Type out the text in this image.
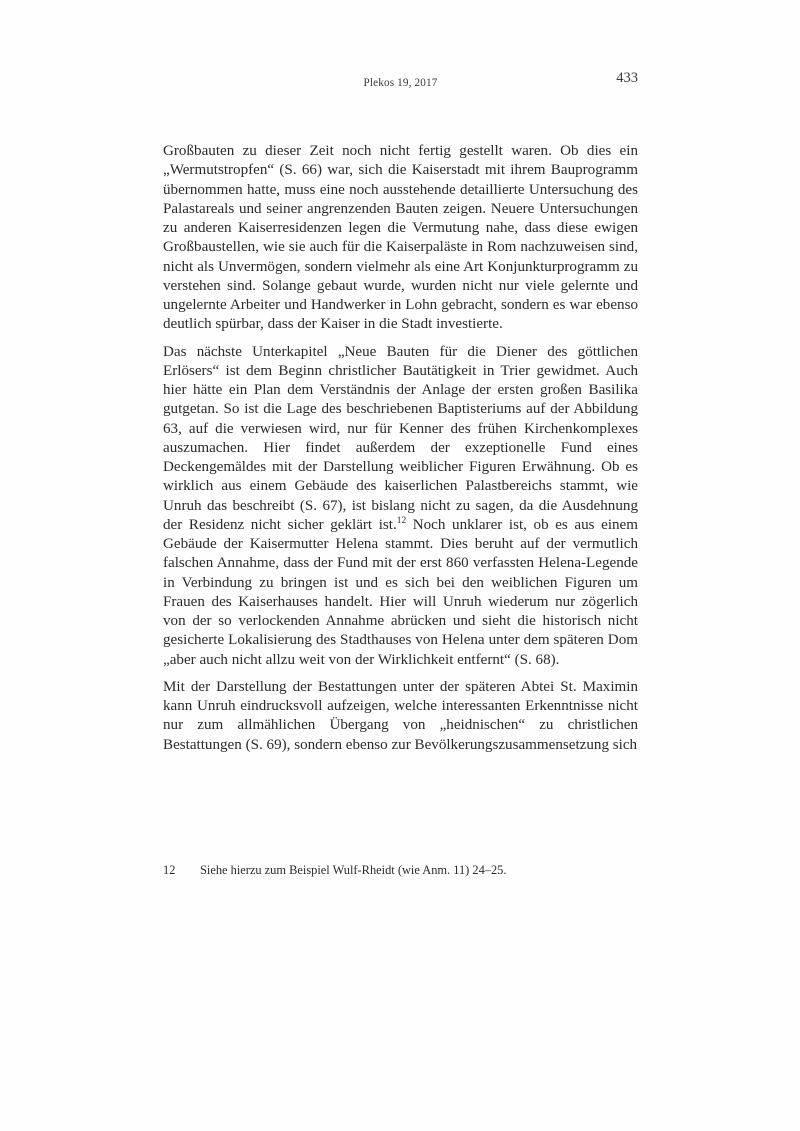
Plekos 19, 2017	433

Großbauten zu dieser Zeit noch nicht fertig gestellt waren. Ob dies ein „Wermutstropfen“ (S. 66) war, sich die Kaiserstadt mit ihrem Bauprogramm übernommen hatte, muss eine noch ausstehende detaillierte Untersuchung des Palastareals und seiner angrenzenden Bauten zeigen. Neuere Untersuchungen zu anderen Kaiserresidenzen legen die Vermutung nahe, dass diese ewigen Großbaustellen, wie sie auch für die Kaiserpaläste in Rom nachzuweisen sind, nicht als Unvermögen, sondern vielmehr als eine Art Konjunkturprogramm zu verstehen sind. Solange gebaut wurde, wurden nicht nur viele gelernte und ungelernte Arbeiter und Handwerker in Lohn gebracht, sondern es war ebenso deutlich spürbar, dass der Kaiser in die Stadt investierte.

Das nächste Unterkapitel „Neue Bauten für die Diener des göttlichen Erlösers“ ist dem Beginn christlicher Bautätigkeit in Trier gewidmet. Auch hier hätte ein Plan dem Verständnis der Anlage der ersten großen Basilika gutgetan. So ist die Lage des beschriebenen Baptisteriums auf der Abbildung 63, auf die verwiesen wird, nur für Kenner des frühen Kirchenkomplexes auszumachen. Hier findet außerdem der exzeptionelle Fund eines Deckengemäldes mit der Darstellung weiblicher Figuren Erwähnung. Ob es wirklich aus einem Gebäude des kaiserlichen Palastbereichs stammt, wie Unruh das beschreibt (S. 67), ist bislang nicht zu sagen, da die Ausdehnung der Residenz nicht sicher geklärt ist.$^{12}$ Noch unklarer ist, ob es aus einem Gebäude der Kaisermutter Helena stammt. Dies beruht auf der vermutlich falschen Annahme, dass der Fund mit der erst 860 verfassten Helena-Legende in Verbindung zu bringen ist und es sich bei den weiblichen Figuren um Frauen des Kaiserhauses handelt. Hier will Unruh wiederum nur zögerlich von der so verlockenden Annahme abrücken und sieht die historisch nicht gesicherte Lokalisierung des Stadthauses von Helena unter dem späteren Dom „aber auch nicht allzu weit von der Wirklichkeit entfernt“ (S. 68).

Mit der Darstellung der Bestattungen unter der späteren Abtei St. Maximin kann Unruh eindrucksvoll aufzeigen, welche interessanten Erkenntnisse nicht nur zum allmählichen Übergang von „heidnischen“ zu christlichen Bestattungen (S. 69), sondern ebenso zur Bevölkerungszusammensetzung sich

12	Siehe hierzu zum Beispiel Wulf-Rheidt (wie Anm. 11) 24–25.
